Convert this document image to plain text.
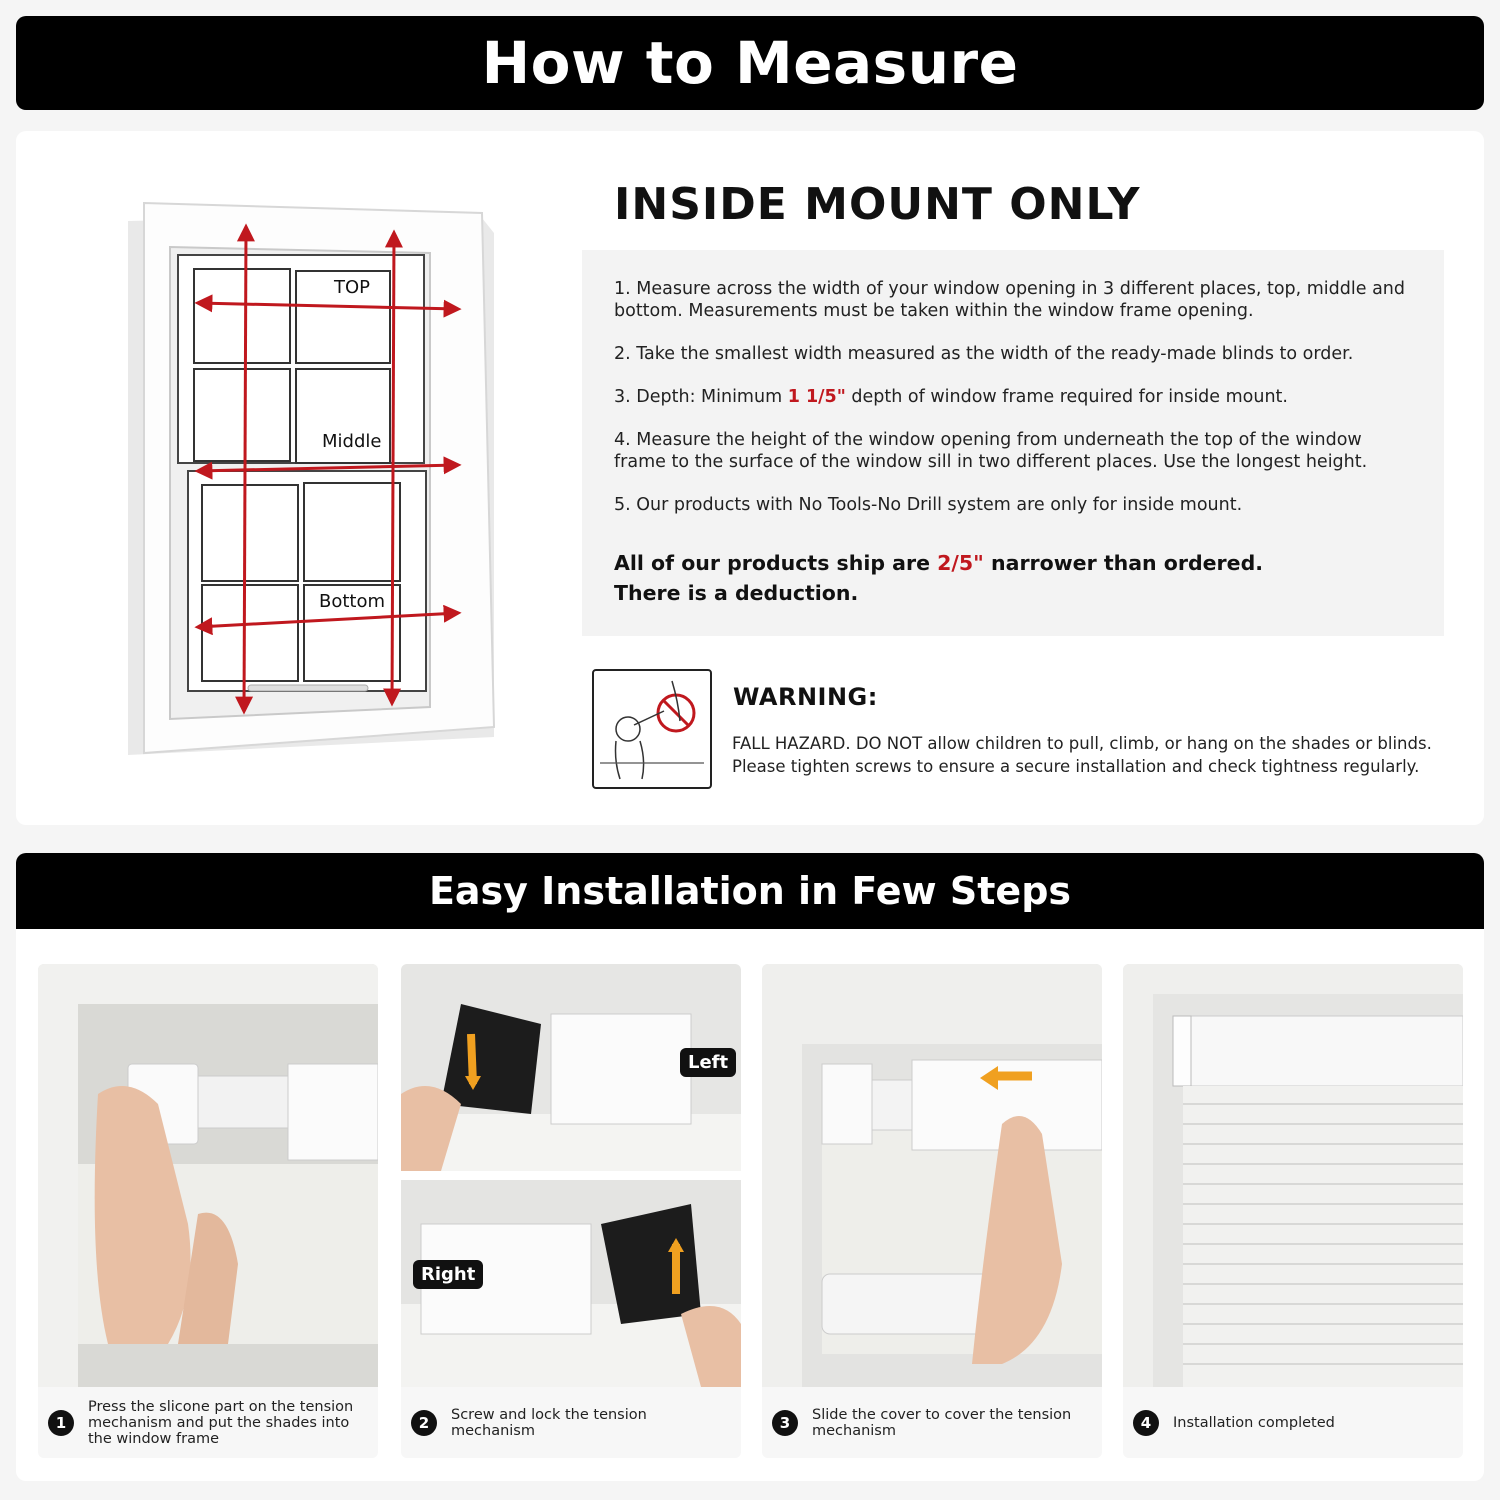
How to Measure
TOP
Middle
Bottom
INSIDE MOUNT ONLY

1. Measure across the width of your window opening in 3 different places, top, middle and bottom. Measurements must be taken within the window frame opening.

2. Take the smallest width measured as the width of the ready-made blinds to order.

3. Depth: Minimum 1 1/5" depth of window frame required for inside mount.

4. Measure the height of the window opening from underneath the top of the window frame to the surface of the window sill in two different places. Use the longest height.

5. Our products with No Tools-No Drill system are only for inside mount.

All of our products ship are 2/5" narrower than ordered.
There is a deduction.
WARNING:
FALL HAZARD. DO NOT allow children to pull, climb, or hang on the shades or blinds.
Please tighten screws to ensure a secure installation and check tightness regularly.
Easy Installation in Few Steps
1
Press the slicone part on the tension mechanism and put the shades into the window frame
Left
Right
2	Screw and lock the tension mechanism	3	Slide the cover to cover the tension mechanism	4	Installation completed
